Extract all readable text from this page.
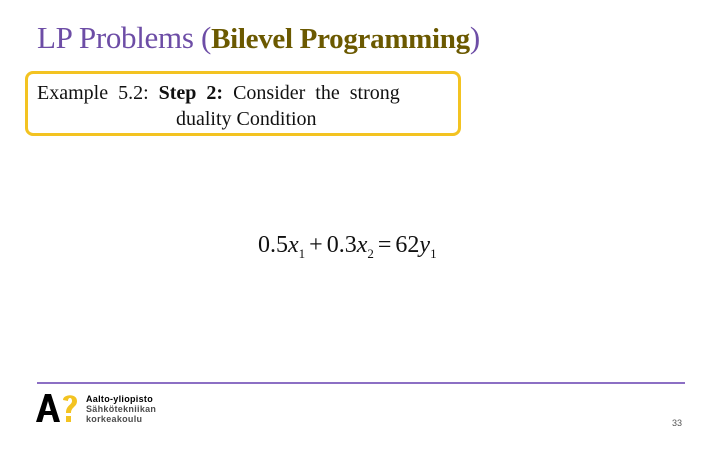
LP Problems (Bilevel Programming)

Example 5.2: Step 2: Consider the strong

duality Condition

$0.5x_1 + 0.3x_2 = 62y_1$
Aalto-yliopisto
Sähkötekniikan
korkeakoulu	33
